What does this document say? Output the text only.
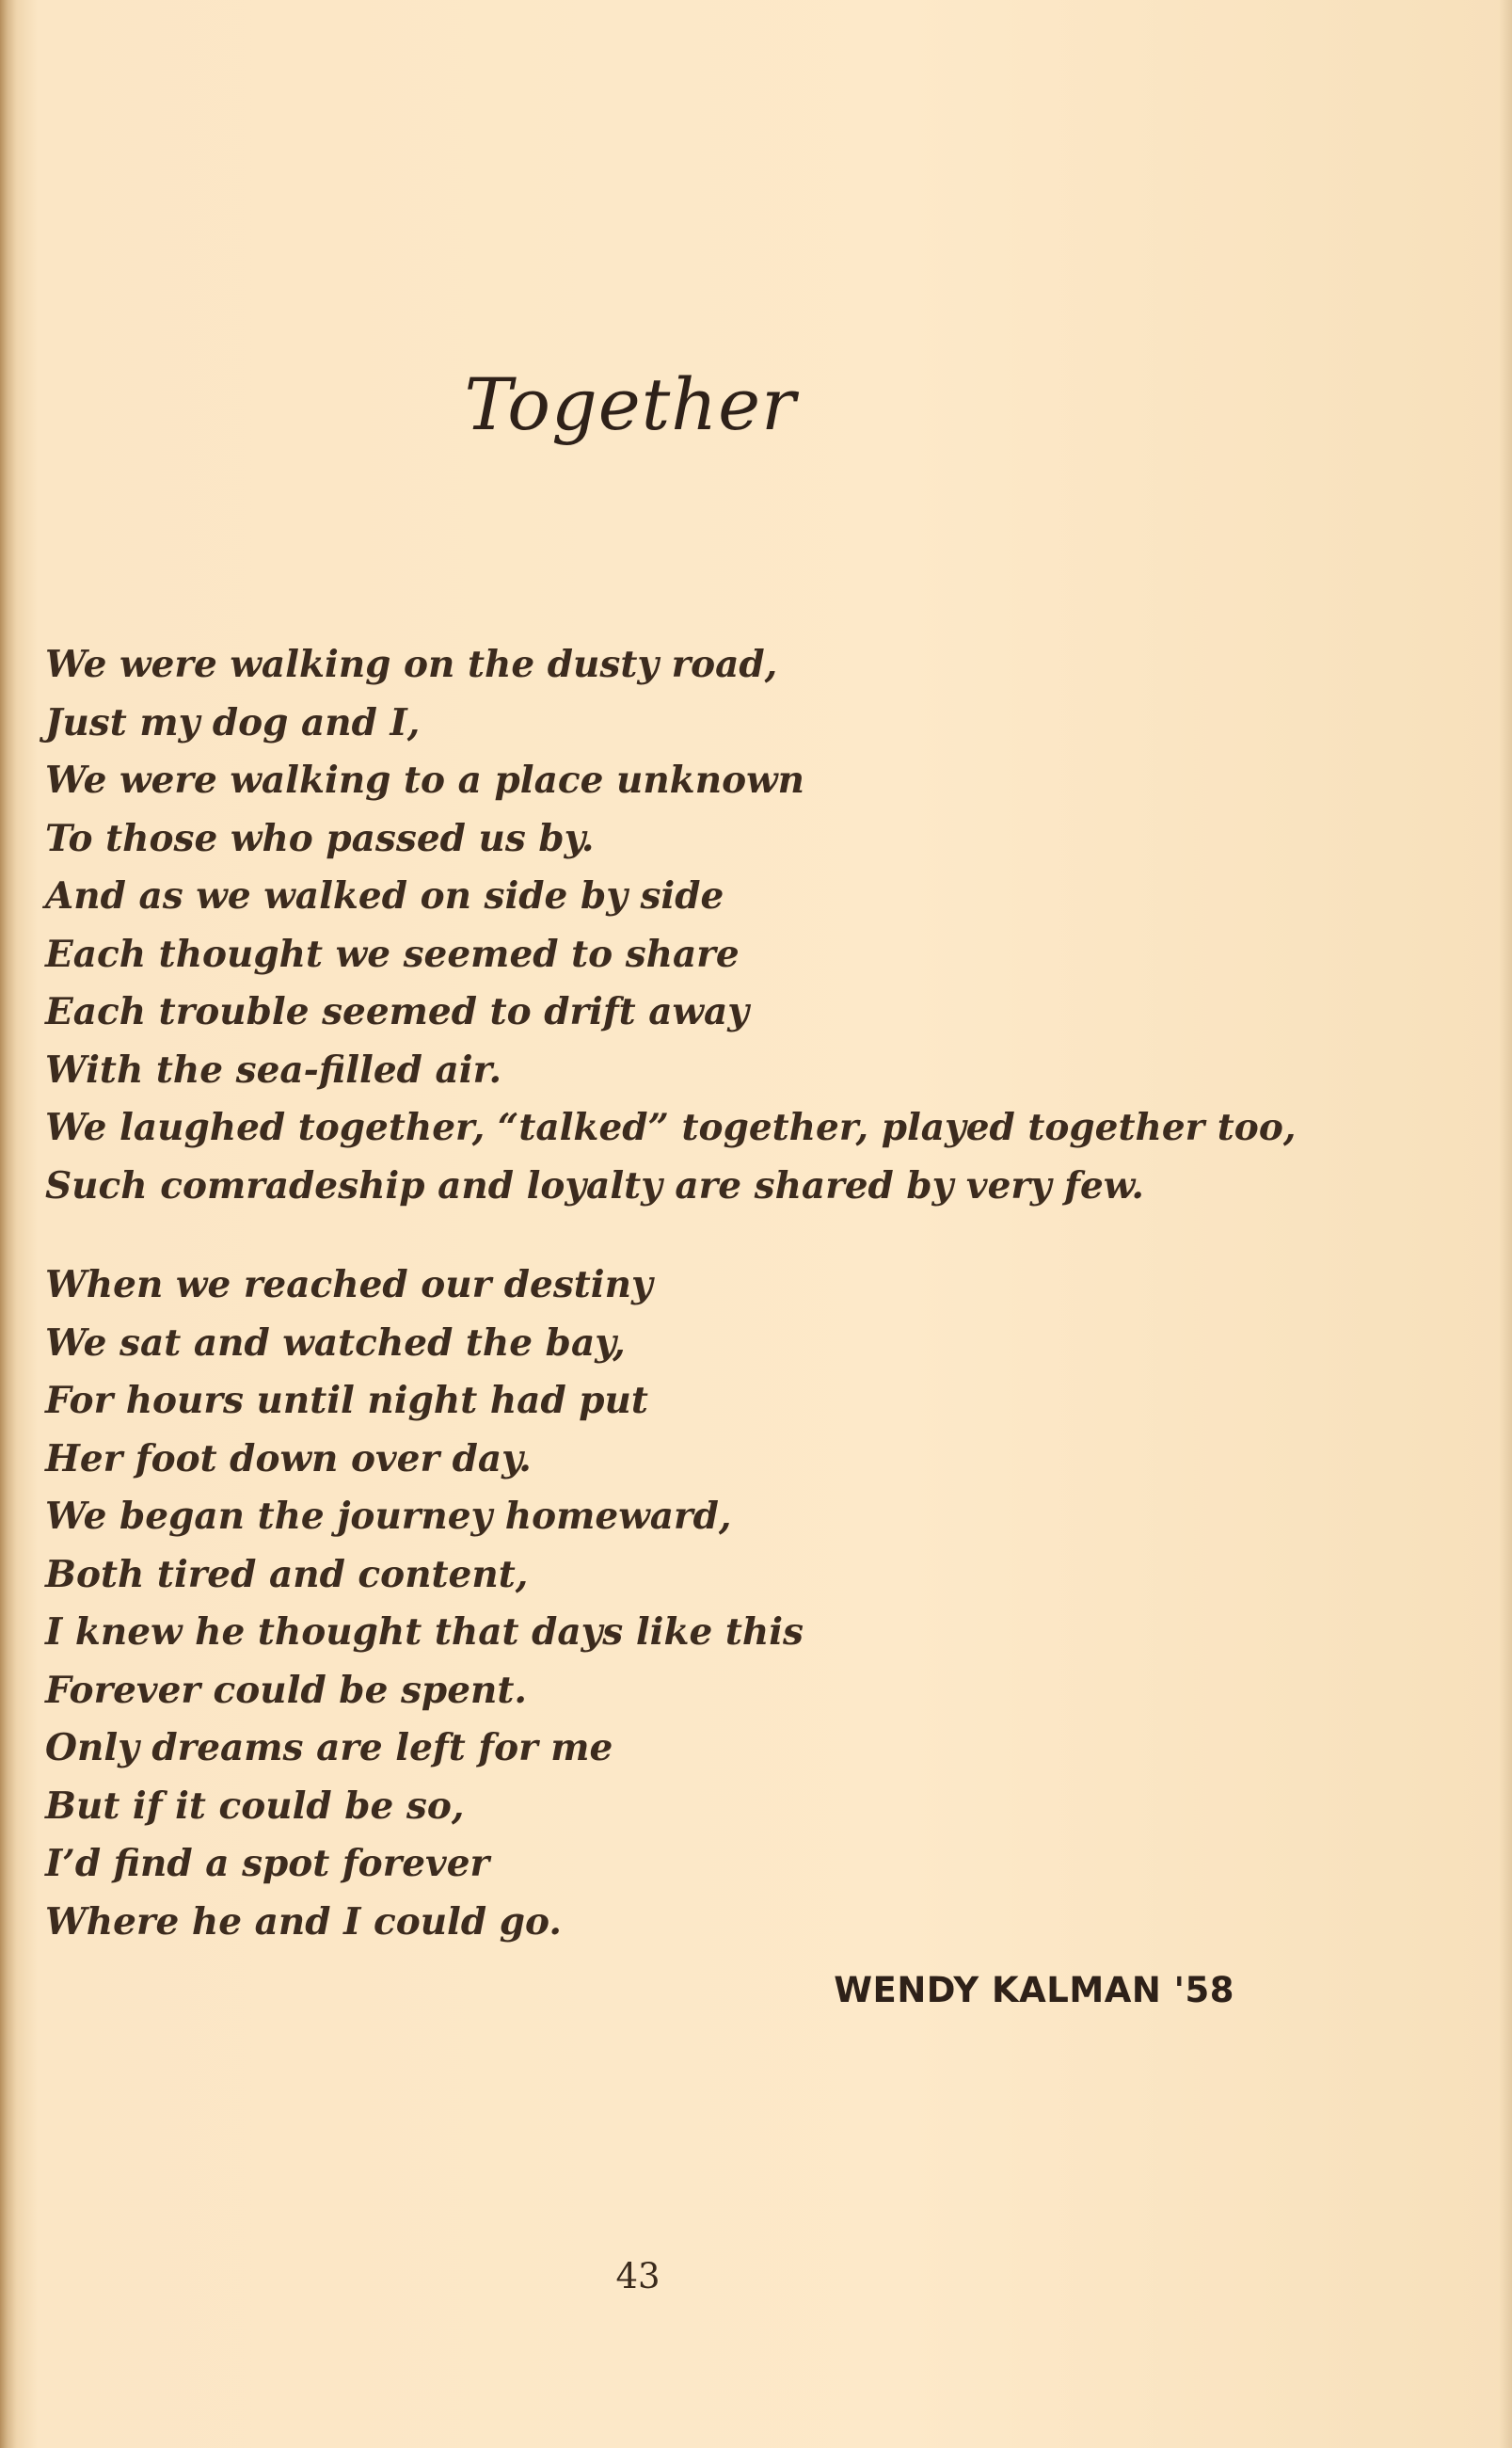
Together
We were walking on the dusty road,
Just my dog and I,
We were walking to a place unknown
To those who passed us by.
And as we walked on side by side
Each thought we seemed to share
Each trouble seemed to drift away
With the sea-filled air.
We laughed together, “talked” together, played together too,
Such comradeship and loyalty are shared by very few.
When we reached our destiny
We sat and watched the bay,
For hours until night had put
Her foot down over day.
We began the journey homeward,
Both tired and content,
I knew he thought that days like this
Forever could be spent.
Only dreams are left for me
But if it could be so,
I’d find a spot forever
Where he and I could go.
WENDY KALMAN '58
43
